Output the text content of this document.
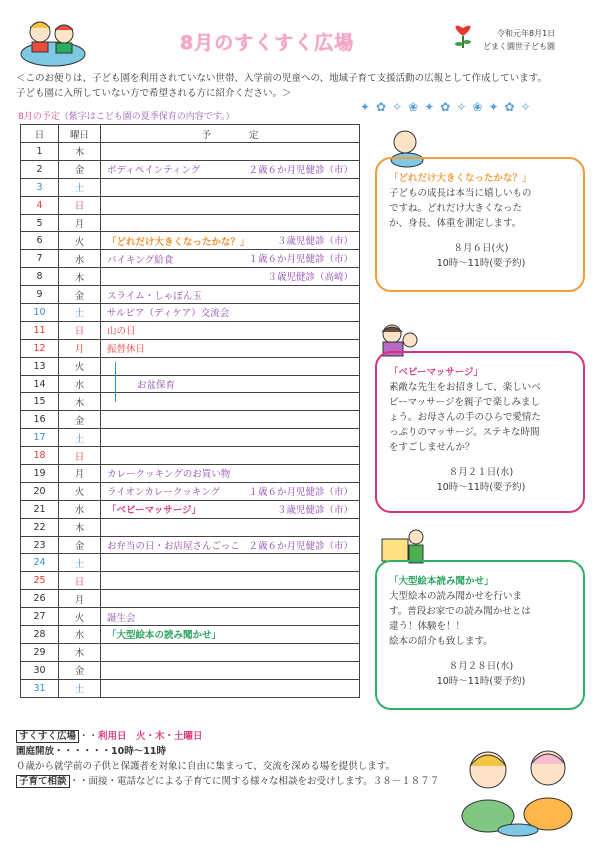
✦✿✧❀✦✿✧❀✦✿✧
8月のすくすく広場	令和元年8月1日
どまく園世子ども園
＜このお便りは、子ども園を利用されていない世帯、入学前の児童への、地域子育て支援活動の広報として作成しています。
子ども園に入所していない方で希望される方に紹介ください。＞
8月の予定（紫字はこども園の夏季保育の内容です。）
日	曜日	予　　　　定
1	木	
2	金	ボディペインティング ２歳６か月児健診（市）

3	土	
4	日	
5	月	
6	火	「どれだけ大きくなったかな？」 ３歳児健診（市）

7	水	バイキング給食 １歳６か月児健診（市）

8	木	３歳児健診（高崎）

9	金	スライム・しゃぼん玉
10	土	サルビア（ディケア）交流会
11	日	山の日
12	月	振替休日
13	火	

14	水	お盆保育
15	木	
16	金	
17	土	
18	日	
19	月	カレークッキングのお買い物
20	火	ライオンカレークッキング １歳６か月児健診（市）

21	水	「ベビーマッサージ」 ３歳児健診（市）

22	木	
23	金	お弁当の日・お店屋さんごっこ ２歳６か月児健診（市）

24	土	
25	日	
26	月	
27	火	誕生会
28	水	「大型絵本の読み聞かせ」
29	木	
30	金	
31	土	
「どれだけ大きくなったかな？」
子どもの成長は本当に嬉しいもの
ですね。どれだけ大きくなった
か、身長、体重を測定します。
８月６日(火)
10時～11時(要予約)
「ベビーマッサージ」
素敵な先生をお招きして、楽しいベ
ビーマッサージを親子で楽しみまし
ょう。お母さんの手のひらで愛情た
っぷりのマッサージ。ステキな時間
をすごしませんか？
８月２１日(水)
10時～11時(要予約)
「大型絵本読み聞かせ」
大型絵本の読み聞かせを行いま
す。普段お家での読み聞かせとは
違う！体験を！！
絵本の紹介も致します。
８月２８日(水)
10時～11時(要予約)
すくすく広場 ・・利用日　火・木・土曜日
園庭開放・・・・・・10時～11時
０歳から就学前の子供と保護者を対象に自由に集まって、交流を深める場を提供します。
子育て相談 ・・面接・電話などによる子育てに関する様々な相談をお受けします。３８－１８７７
